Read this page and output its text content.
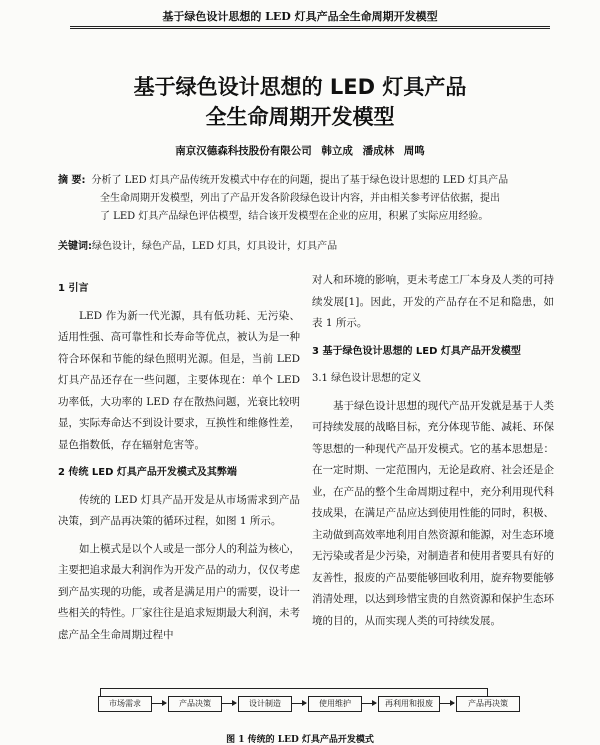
基于绿色设计思想的 LED 灯具产品全生命周期开发模型
基于绿色设计思想的 LED 灯具产品
全生命周期开发模型
南京汉德森科技股份有限公司 韩立成 潘成林 周鸣
摘 要: 分析了 LED 灯具产品传统开发模式中存在的问题，提出了基于绿色设计思想的 LED 灯具产品
全生命周期开发模型，列出了产品开发各阶段绿色设计内容，并由相关参考评估依据，提出
了 LED 灯具产品绿色评估模型，结合该开发模型在企业的应用，积累了实际应用经验。
关键词:绿色设计，绿色产品，LED 灯具，灯具设计，灯具产品
1 引言

LED 作为新一代光源，具有低功耗、无污染、适用性强、高可靠性和长寿命等优点，被认为是一种符合环保和节能的绿色照明光源。但是，当前 LED 灯具产品还存在一些问题，主要体现在：单个 LED 功率低，大功率的 LED 存在散热问题，光衰比较明显，实际寿命达不到设计要求，互换性和维修性差，显色指数低，存在辐射危害等。

2 传统 LED 灯具产品开发模式及其弊端

传统的 LED 灯具产品开发是从市场需求到产品决策，到产品再决策的循环过程，如图 1 所示。

如上模式是以个人或是一部分人的利益为核心，主要把追求最大利润作为开发产品的动力，仅仅考虑到产品实现的功能，或者是满足用户的需要，设计一些相关的特性。厂家往往是追求短期最大利润，未考虑产品全生命周期过程中

对人和环境的影响，更未考虑工厂本身及人类的可持续发展[1]。因此，开发的产品存在不足和隐患，如表 1 所示。

3 基于绿色设计思想的 LED 灯具产品开发模型
3.1 绿色设计思想的定义

基于绿色设计思想的现代产品开发就是基于人类可持续发展的战略目标，充分体现节能、减耗、环保等思想的一种现代产品开发模式。它的基本思想是：在一定时期、一定范围内，无论是政府、社会还是企业，在产品的整个生命周期过程中，充分利用现代科技成果，在满足产品应达到使用性能的同时，积极、主动做到高效率地利用自然资源和能源，对生态环境无污染或者是少污染，对制造者和使用者要具有好的友善性，报废的产品要能够回收利用，旋弃物要能够消清处理，以达到珍惜宝贵的自然资源和保护生态环境的目的，从而实现人类的可持续发展。

市场需求	产品决策	设计制造	使用维护	再利用和报废	产品再决策
图 1 传统的 LED 灯具产品开发模式
